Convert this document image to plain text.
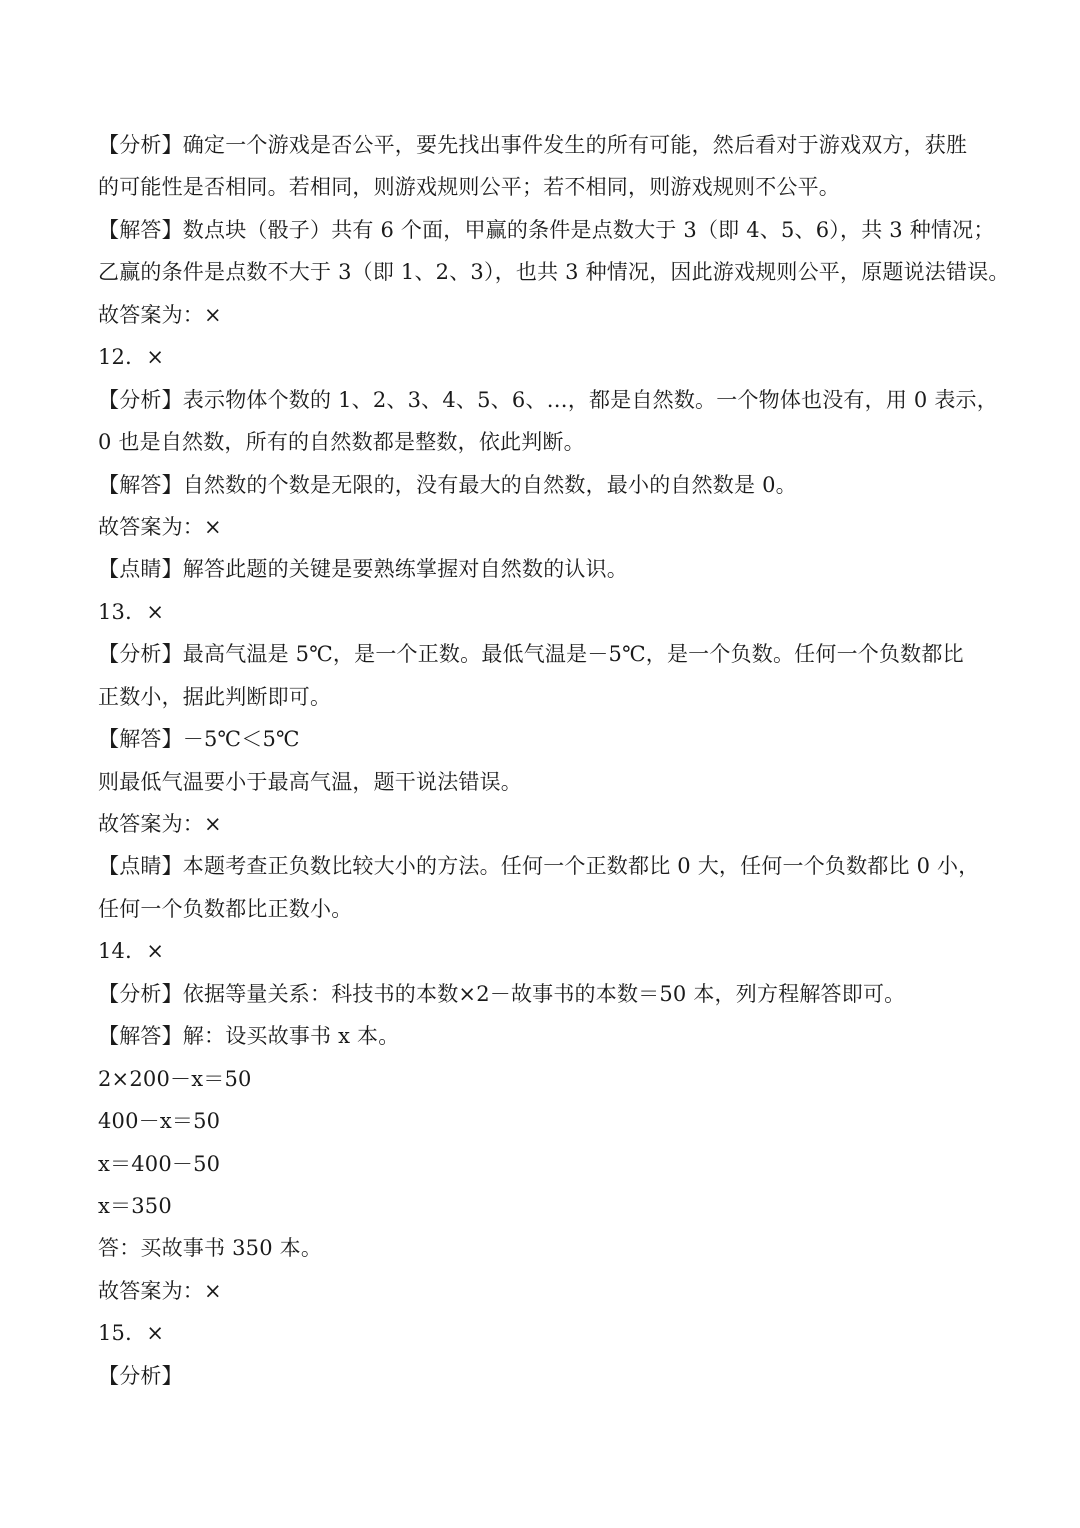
【分析】确定一个游戏是否公平，要先找出事件发生的所有可能，然后看对于游戏双方，获胜
的可能性是否相同。若相同，则游戏规则公平；若不相同，则游戏规则不公平。
【解答】数点块（骰子）共有 6 个面，甲赢的条件是点数大于 3（即 4、5、6），共 3 种情况；
乙赢的条件是点数不大于 3（即 1、2、3），也共 3 种情况，因此游戏规则公平，原题说法错误。
故答案为：×
12．×
【分析】表示物体个数的 1、2、3、4、5、6、…，都是自然数。一个物体也没有，用 0 表示，
0 也是自然数，所有的自然数都是整数，依此判断。
【解答】自然数的个数是无限的，没有最大的自然数，最小的自然数是 0。
故答案为：×
【点睛】解答此题的关键是要熟练掌握对自然数的认识。
13．×
【分析】最高气温是 5℃，是一个正数。最低气温是－5℃，是一个负数。任何一个负数都比
正数小，据此判断即可。
【解答】－5℃＜5℃
则最低气温要小于最高气温，题干说法错误。
故答案为：×
【点睛】本题考查正负数比较大小的方法。任何一个正数都比 0 大，任何一个负数都比 0 小，
任何一个负数都比正数小。
14．×
【分析】依据等量关系：科技书的本数×2－故事书的本数＝50 本，列方程解答即可。
【解答】解：设买故事书 x 本。
2×200－x＝50
400－x＝50
x＝400－50
x＝350
答：买故事书 350 本。
故答案为：×
15．×
【分析】
